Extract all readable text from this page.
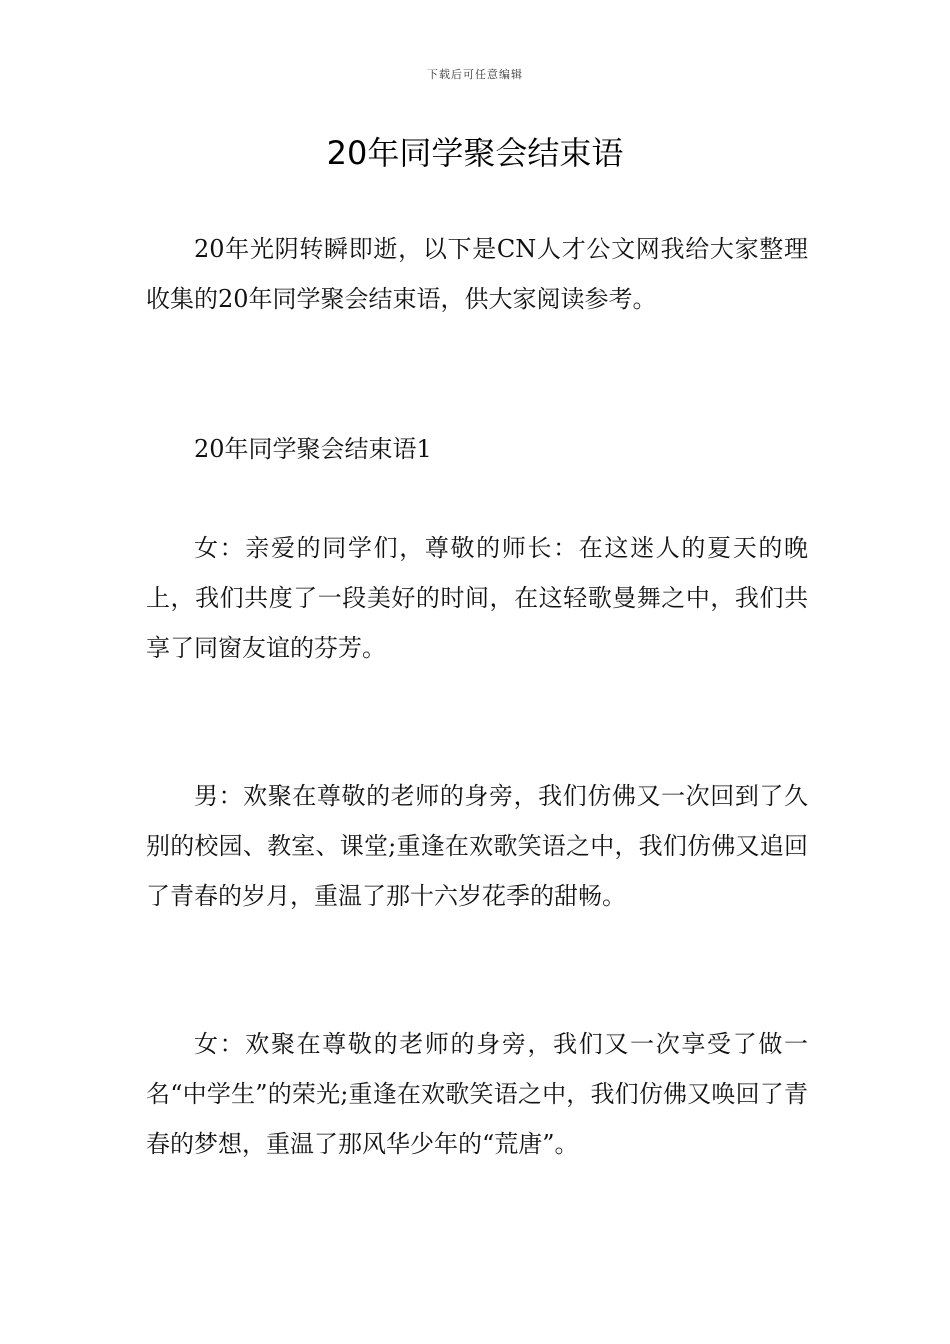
下载后可任意编辑
20年同学聚会结束语

20年光阴转瞬即逝，以下是CN人才公文网我给大家整理收集的20年同学聚会结束语，供大家阅读参考。

20年同学聚会结束语1

女：亲爱的同学们，尊敬的师长：在这迷人的夏天的晚上，我们共度了一段美好的时间，在这轻歌曼舞之中，我们共享了同窗友谊的芬芳。

男：欢聚在尊敬的老师的身旁，我们仿佛又一次回到了久别的校园、教室、课堂;重逢在欢歌笑语之中，我们仿佛又追回了青春的岁月，重温了那十六岁花季的甜畅。

女：欢聚在尊敬的老师的身旁，我们又一次享受了做一名“中学生”的荣光;重逢在欢歌笑语之中，我们仿佛又唤回了青春的梦想，重温了那风华少年的“荒唐”。
